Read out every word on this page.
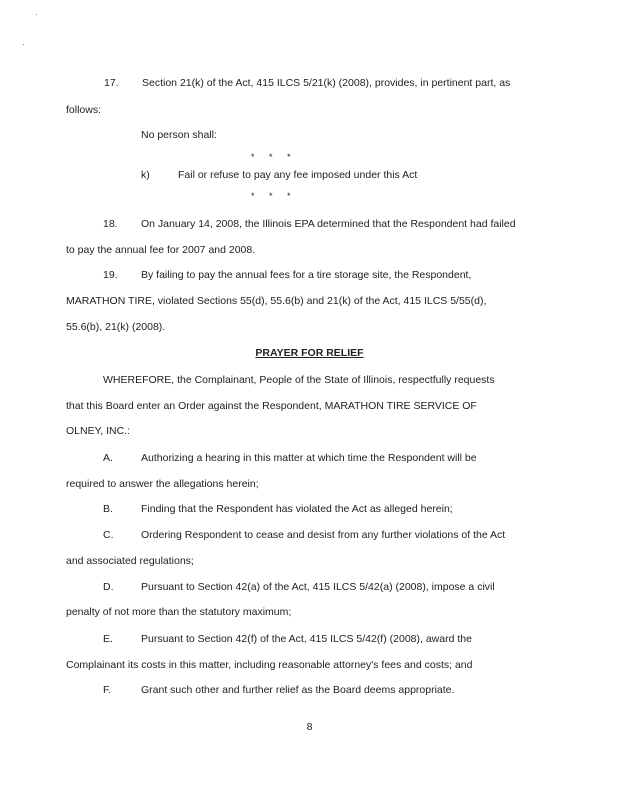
17. Section 21(k) of the Act, 415 ILCS 5/21(k) (2008), provides, in pertinent part, as
follows:
No person shall:
* * *
k)	Fail or refuse to pay any fee imposed under this Act
* * *
18. On January 14, 2008, the Illinois EPA determined that the Respondent had failed
to pay the annual fee for 2007 and 2008.
19. By failing to pay the annual fees for a tire storage site, the Respondent,
MARATHON TIRE, violated Sections 55(d), 55.6(b) and 21(k) of the Act, 415 ILCS 5/55(d),
55.6(b), 21(k) (2008).
PRAYER FOR RELIEF
WHEREFORE, the Complainant, People of the State of Illinois, respectfully requests
that this Board enter an Order against the Respondent, MARATHON TIRE SERVICE OF
OLNEY, INC.:
A.	Authorizing a hearing in this matter at which time the Respondent will be
required to answer the allegations herein;
B.	Finding that the Respondent has violated the Act as alleged herein;
C.	Ordering Respondent to cease and desist from any further violations of the Act
and associated regulations;
D.	Pursuant to Section 42(a) of the Act, 415 ILCS 5/42(a) (2008), impose a civil
penalty of not more than the statutory maximum;
E.	Pursuant to Section 42(f) of the Act, 415 ILCS 5/42(f) (2008), award the
Complainant its costs in this matter, including reasonable attorney's fees and costs; and
F.	Grant such other and further relief as the Board deems appropriate.
8
